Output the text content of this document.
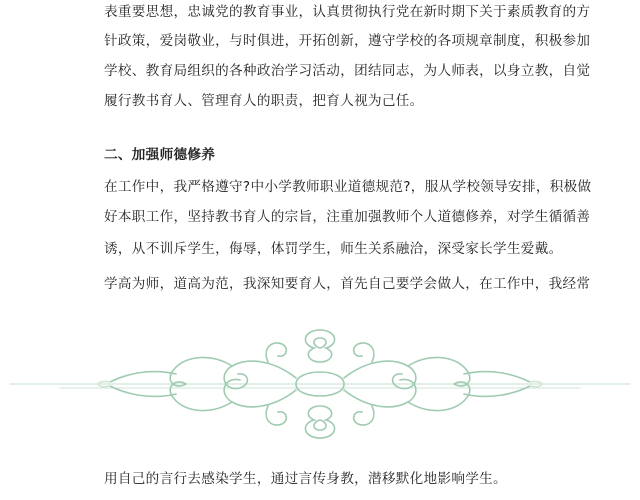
表重要思想，忠诚党的教育事业，认真贯彻执行党在新时期下关于素质教育的方
针政策，爱岗敬业，与时俱进，开拓创新，遵守学校的各项规章制度，积极参加
学校、教育局组织的各种政治学习活动，团结同志，为人师表，以身立教，自觉
履行教书育人、管理育人的职责，把育人视为己任。
二、加强师德修养
在工作中，我严格遵守?中小学教师职业道德规范?，服从学校领导安排，积极做
好本职工作，坚持教书育人的宗旨，注重加强教师个人道德修养，对学生循循善
诱，从不训斥学生，侮辱，体罚学生，师生关系融洽，深受家长学生爱戴。
学高为师，道高为范，我深知要育人，首先自己要学会做人，在工作中，我经常
用自己的言行去感染学生，通过言传身教，潜移默化地影响学生。
